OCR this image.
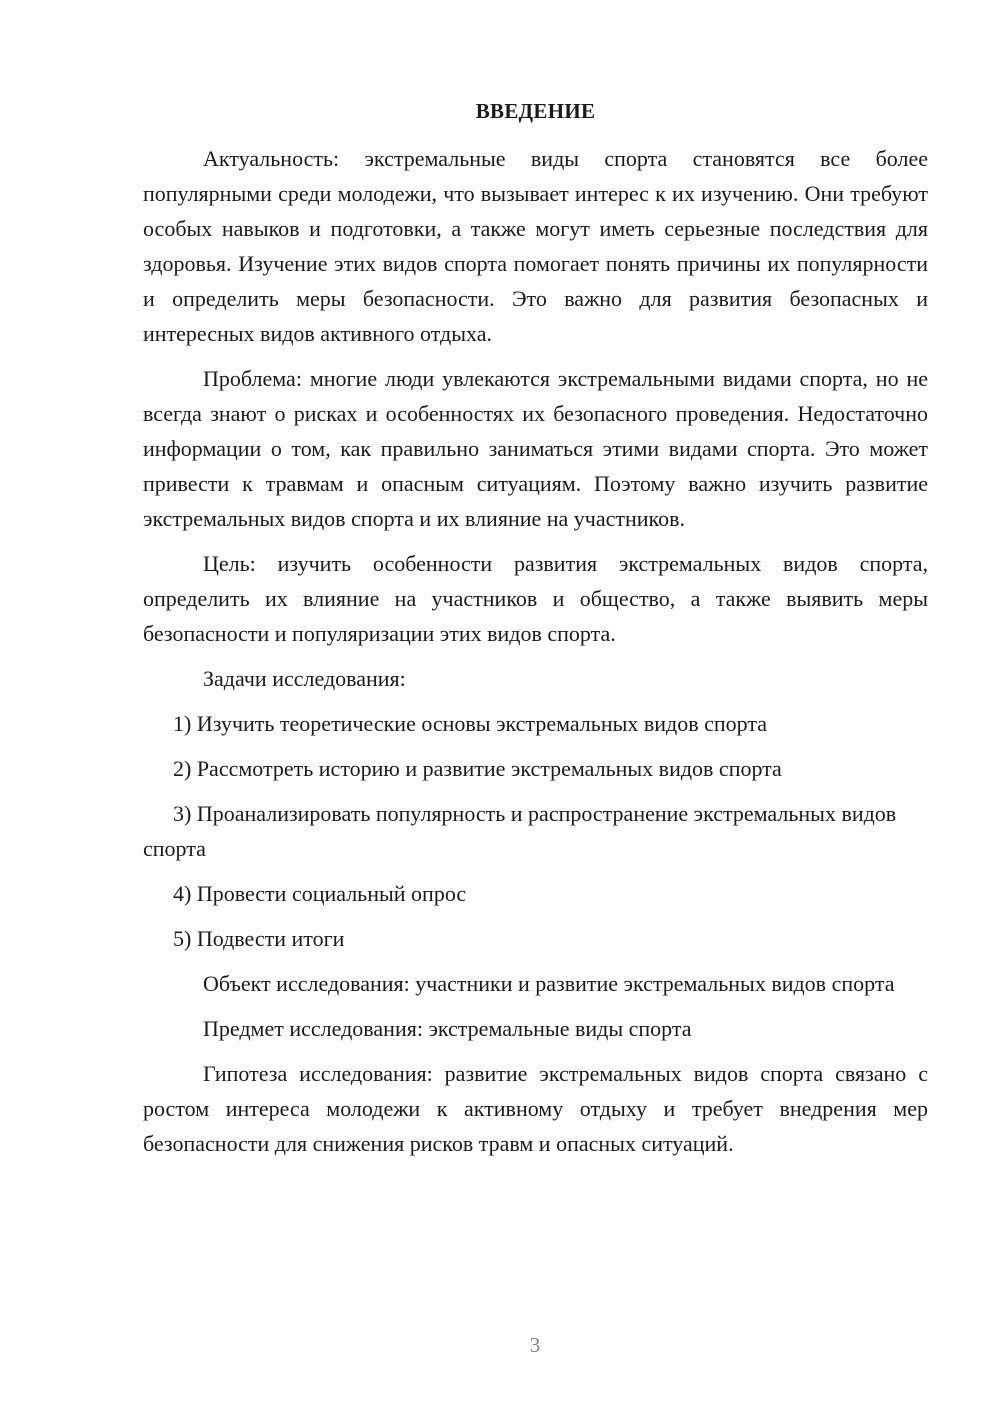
ВВЕДЕНИЕ

Актуальность: экстремальные виды спорта становятся все более популярными среди молодежи, что вызывает интерес к их изучению. Они требуют особых навыков и подготовки, а также могут иметь серьезные последствия для здоровья. Изучение этих видов спорта помогает понять причины их популярности и определить меры безопасности. Это важно для развития безопасных и интересных видов активного отдыха.

Проблема: многие люди увлекаются экстремальными видами спорта, но не всегда знают о рисках и особенностях их безопасного проведения. Недостаточно информации о том, как правильно заниматься этими видами спорта. Это может привести к травмам и опасным ситуациям. Поэтому важно изучить развитие экстремальных видов спорта и их влияние на участников.

Цель: изучить особенности развития экстремальных видов спорта, определить их влияние на участников и общество, а также выявить меры безопасности и популяризации этих видов спорта.

Задачи исследования:

1) Изучить теоретические основы экстремальных видов спорта

2) Рассмотреть историю и развитие экстремальных видов спорта

3) Проанализировать популярность и распространение экстремальных видов спорта

4) Провести социальный опрос

5) Подвести итоги

Объект исследования: участники и развитие экстремальных видов спорта

Предмет исследования: экстремальные виды спорта

Гипотеза исследования: развитие экстремальных видов спорта связано с ростом интереса молодежи к активному отдыху и требует внедрения мер безопасности для снижения рисков травм и опасных ситуаций.

3
